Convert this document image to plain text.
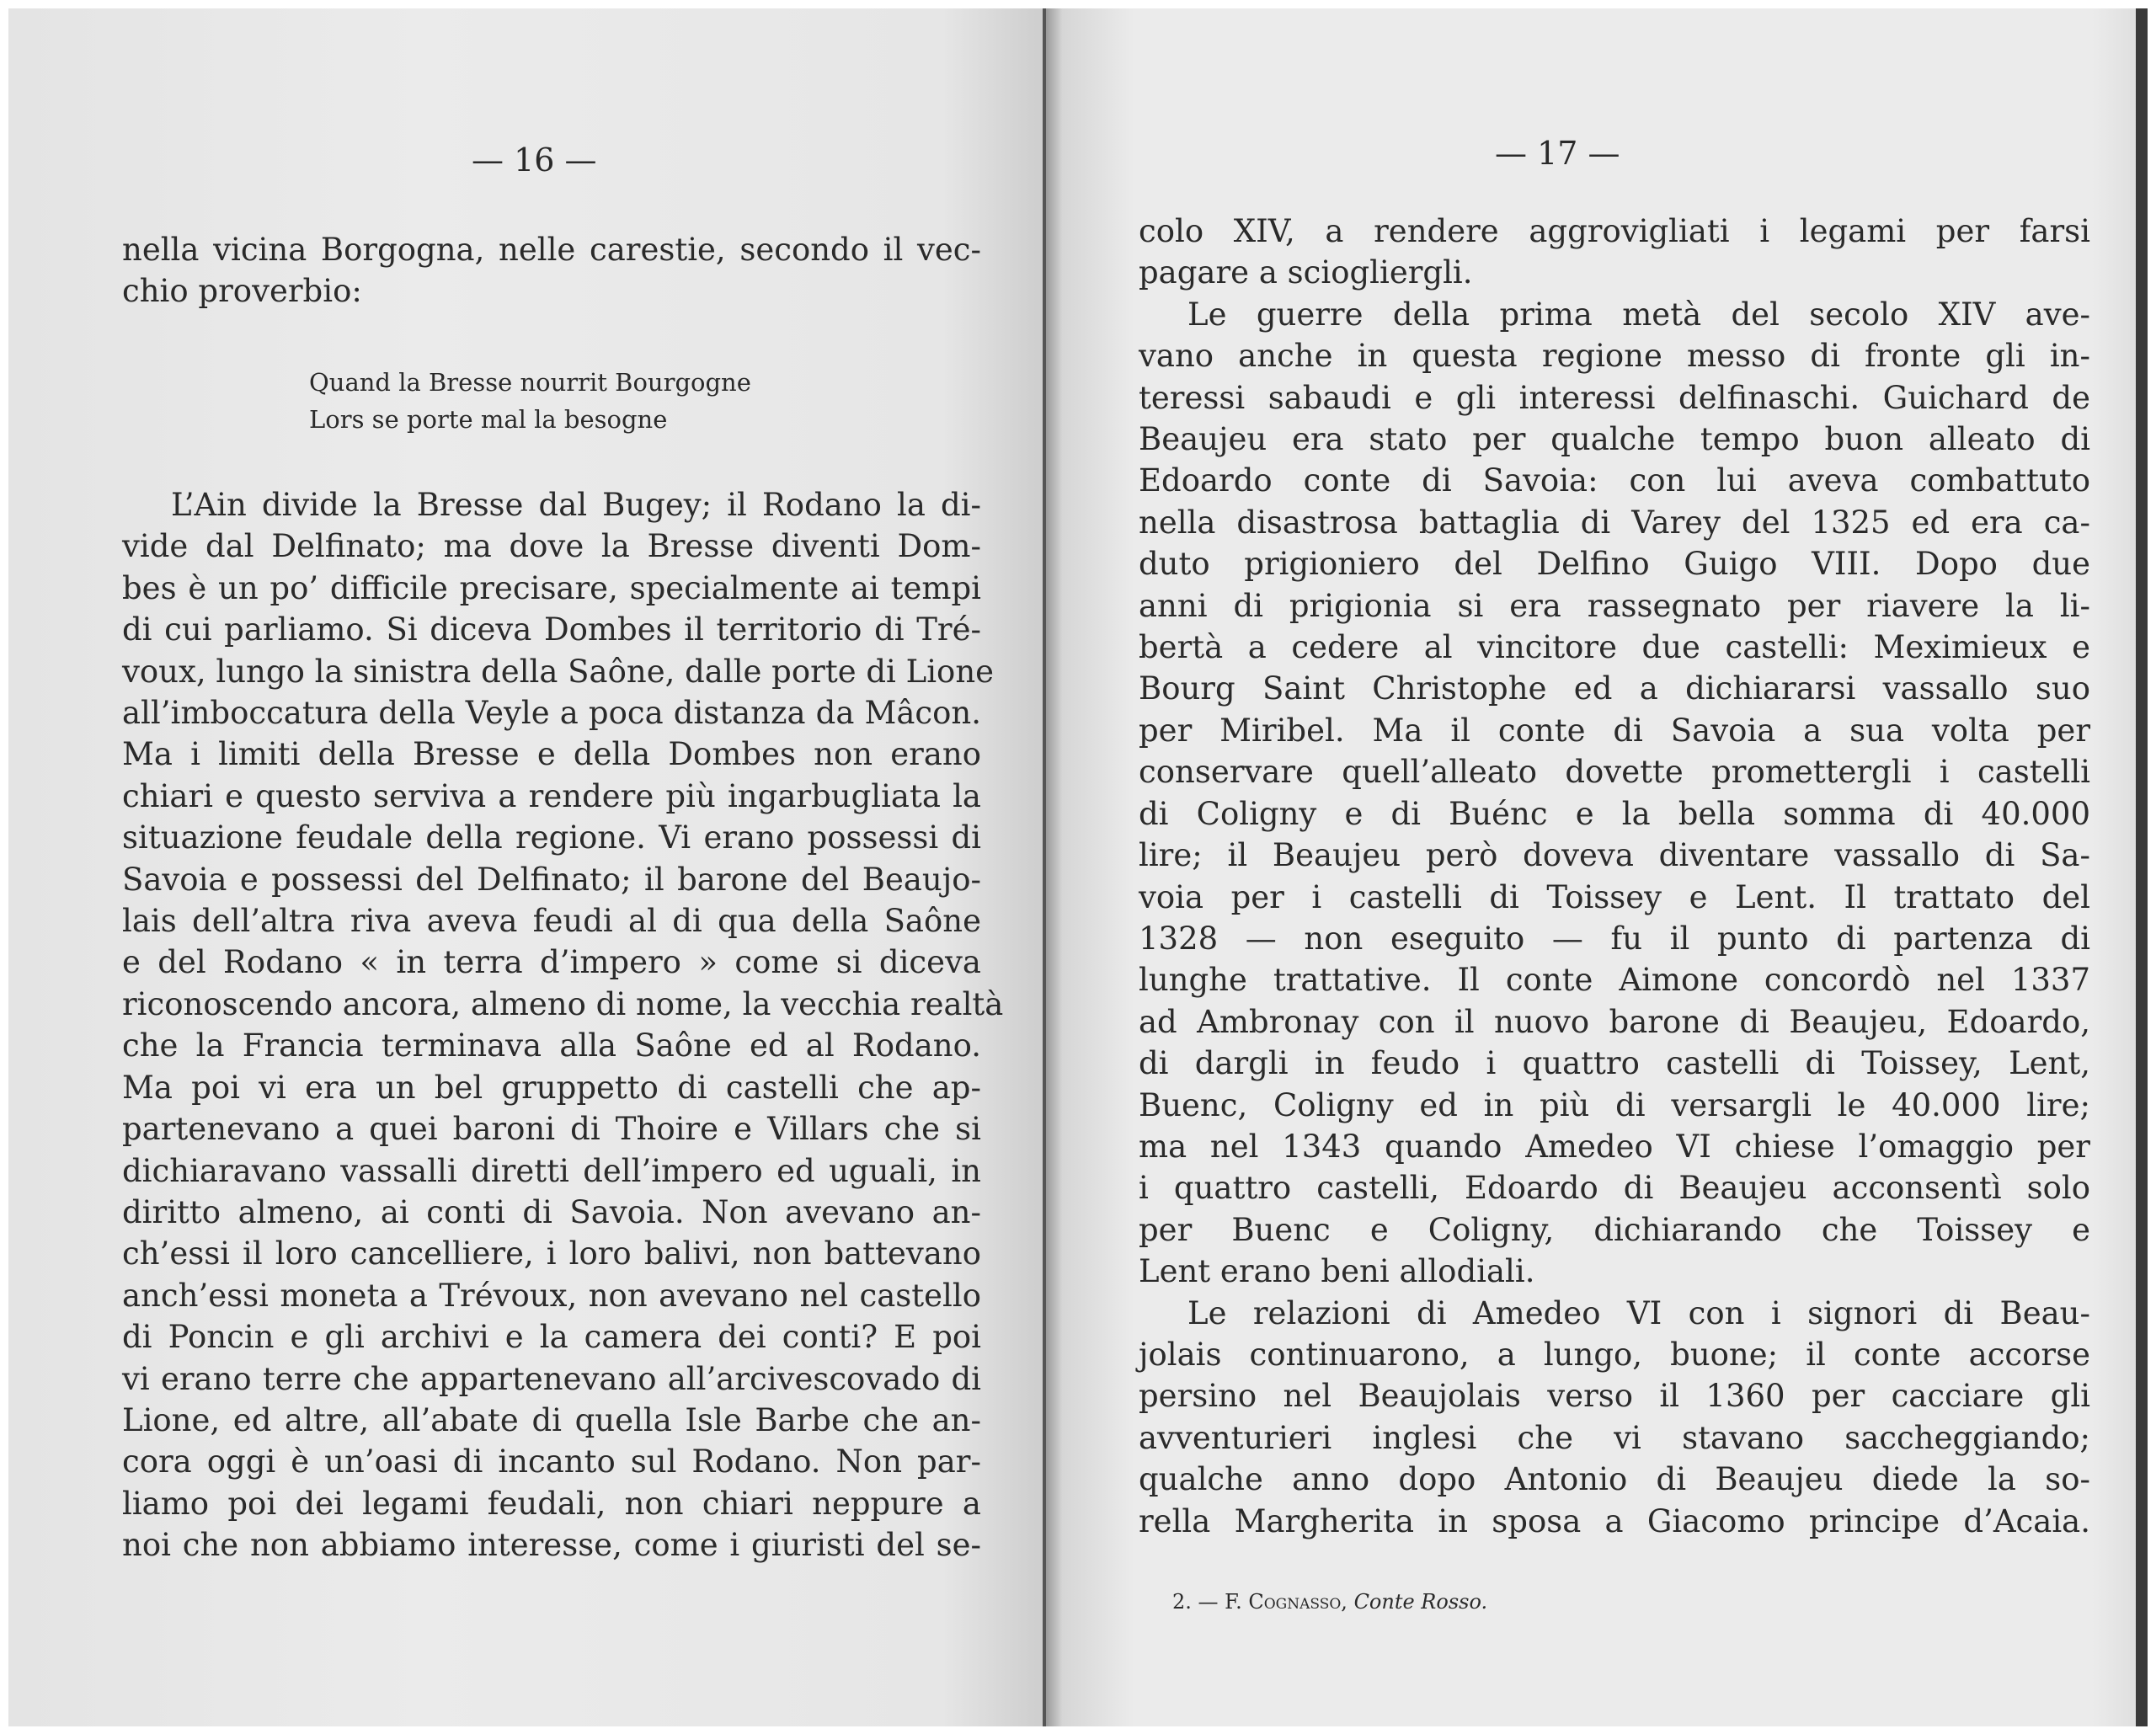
— 16 —
nella vicina Borgogna, nelle carestie, secondo il vec-
chio proverbio:
Quand la Bresse nourrit Bourgogne
Lors se porte mal la besogne
L’Ain divide la Bresse dal Bugey; il Rodano la di-
vide dal Delfinato; ma dove la Bresse diventi Dom-
bes è un po’ difficile precisare, specialmente ai tempi
di cui parliamo. Si diceva Dombes il territorio di Tré-
voux, lungo la sinistra della Saône, dalle porte di Lione
all’imboccatura della Veyle a poca distanza da Mâcon.
Ma i limiti della Bresse e della Dombes non erano
chiari e questo serviva a rendere più ingarbugliata la
situazione feudale della regione. Vi erano possessi di
Savoia e possessi del Delfinato; il barone del Beaujo-
lais dell’altra riva aveva feudi al di qua della Saône
e del Rodano « in terra d’impero » come si diceva
riconoscendo ancora, almeno di nome, la vecchia realtà
che la Francia terminava alla Saône ed al Rodano.
Ma poi vi era un bel gruppetto di castelli che ap-
partenevano a quei baroni di Thoire e Villars che si
dichiaravano vassalli diretti dell’impero ed uguali, in
diritto almeno, ai conti di Savoia. Non avevano an-
ch’essi il loro cancelliere, i loro balivi, non battevano
anch’essi moneta a Trévoux, non avevano nel castello
di Poncin e gli archivi e la camera dei conti? E poi
vi erano terre che appartenevano all’arcivescovado di
Lione, ed altre, all’abate di quella Isle Barbe che an-
cora oggi è un’oasi di incanto sul Rodano. Non par-
liamo poi dei legami feudali, non chiari neppure a
noi che non abbiamo interesse, come i giuristi del se-
— 17 —
colo XIV, a rendere aggrovigliati i legami per farsi
pagare a sciogliergli.
Le guerre della prima metà del secolo XIV ave-
vano anche in questa regione messo di fronte gli in-
teressi sabaudi e gli interessi delfinaschi. Guichard de
Beaujeu era stato per qualche tempo buon alleato di
Edoardo conte di Savoia: con lui aveva combattuto
nella disastrosa battaglia di Varey del 1325 ed era ca-
duto prigioniero del Delfino Guigo VIII. Dopo due
anni di prigionia si era rassegnato per riavere la li-
bertà a cedere al vincitore due castelli: Meximieux e
Bourg Saint Christophe ed a dichiararsi vassallo suo
per Miribel. Ma il conte di Savoia a sua volta per
conservare quell’alleato dovette promettergli i castelli
di Coligny e di Buénc e la bella somma di 40.000
lire; il Beaujeu però doveva diventare vassallo di Sa-
voia per i castelli di Toissey e Lent. Il trattato del
1328 — non eseguito — fu il punto di partenza di
lunghe trattative. Il conte Aimone concordò nel 1337
ad Ambronay con il nuovo barone di Beaujeu, Edoardo,
di dargli in feudo i quattro castelli di Toissey, Lent,
Buenc, Coligny ed in più di versargli le 40.000 lire;
ma nel 1343 quando Amedeo VI chiese l’omaggio per
i quattro castelli, Edoardo di Beaujeu acconsentì solo
per Buenc e Coligny, dichiarando che Toissey e
Lent erano beni allodiali.
Le relazioni di Amedeo VI con i signori di Beau-
jolais continuarono, a lungo, buone; il conte accorse
persino nel Beaujolais verso il 1360 per cacciare gli
avventurieri inglesi che vi stavano saccheggiando;
qualche anno dopo Antonio di Beaujeu diede la so-
rella Margherita in sposa a Giacomo principe d’Acaia.
2. — F. Cognasso, Conte Rosso.
